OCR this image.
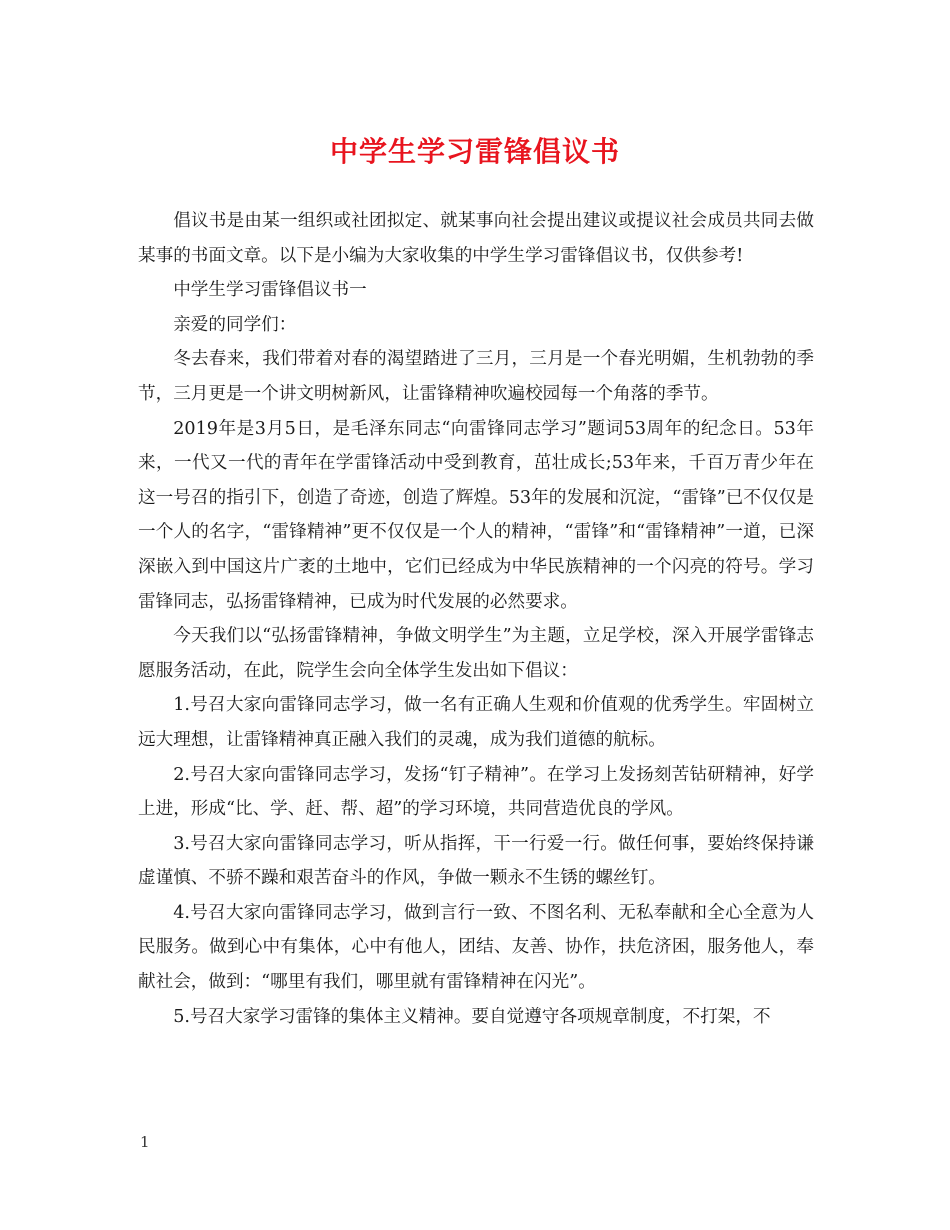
中学生学习雷锋倡议书

倡议书是由某一组织或社团拟定、就某事向社会提出建议或提议社会成员共同去做某事的书面文章。以下是小编为大家收集的中学生学习雷锋倡议书，仅供参考!

中学生学习雷锋倡议书一

亲爱的同学们：

冬去春来，我们带着对春的渴望踏进了三月，三月是一个春光明媚，生机勃勃的季节，三月更是一个讲文明树新风，让雷锋精神吹遍校园每一个角落的季节。

2019年是3月5日，是毛泽东同志“向雷锋同志学习”题词53周年的纪念日。53年来，一代又一代的青年在学雷锋活动中受到教育，茁壮成长;53年来，千百万青少年在这一号召的指引下，创造了奇迹，创造了辉煌。53年的发展和沉淀，“雷锋”已不仅仅是一个人的名字，“雷锋精神”更不仅仅是一个人的精神，“雷锋”和“雷锋精神”一道，已深深嵌入到中国这片广袤的土地中，它们已经成为中华民族精神的一个闪亮的符号。学习雷锋同志，弘扬雷锋精神，已成为时代发展的必然要求。

今天我们以“弘扬雷锋精神，争做文明学生”为主题，立足学校，深入开展学雷锋志愿服务活动，在此，院学生会向全体学生发出如下倡议：

1.号召大家向雷锋同志学习，做一名有正确人生观和价值观的优秀学生。牢固树立远大理想，让雷锋精神真正融入我们的灵魂，成为我们道德的航标。

2.号召大家向雷锋同志学习，发扬“钉子精神”。在学习上发扬刻苦钻研精神，好学上进，形成“比、学、赶、帮、超”的学习环境，共同营造优良的学风。

3.号召大家向雷锋同志学习，听从指挥，干一行爱一行。做任何事，要始终保持谦虚谨慎、不骄不躁和艰苦奋斗的作风，争做一颗永不生锈的螺丝钉。

4.号召大家向雷锋同志学习，做到言行一致、不图名利、无私奉献和全心全意为人民服务。做到心中有集体，心中有他人，团结、友善、协作，扶危济困，服务他人，奉献社会，做到：“哪里有我们，哪里就有雷锋精神在闪光”。

5.号召大家学习雷锋的集体主义精神。要自觉遵守各项规章制度，不打架，不

1
